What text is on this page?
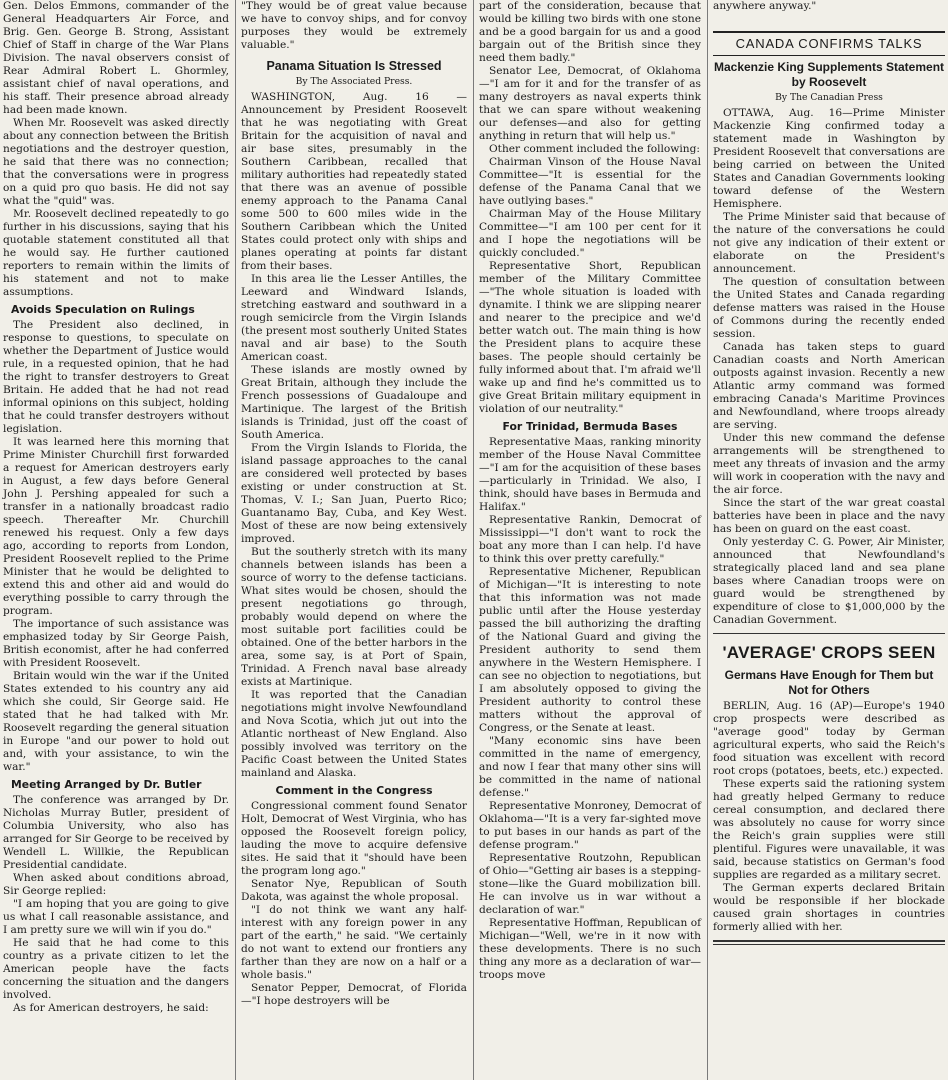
Gen. Delos Emmons, commander of the General Headquarters Air Force, and Brig. Gen. George B. Strong, Assistant Chief of Staff in charge of the War Plans Division. The naval observers consist of Rear Admiral Robert L. Ghormley, assistant chief of naval operations, and his staff. Their presence abroad already had been made known.

When Mr. Roosevelt was asked directly about any connection between the British negotiations and the destroyer question, he said that there was no connection; that the conversations were in progress on a quid pro quo basis. He did not say what the "quid" was.

Mr. Roosevelt declined repeatedly to go further in his discussions, saying that his quotable statement constituted all that he would say. He further cautioned reporters to remain within the limits of his statement and not to make assumptions.

Avoids Speculation on Rulings

The President also declined, in response to questions, to speculate on whether the Department of Justice would rule, in a requested opinion, that he had the right to transfer destroyers to Great Britain. He added that he had not read informal opinions on this subject, holding that he could transfer destroyers without legislation.

It was learned here this morning that Prime Minister Churchill first forwarded a request for American destroyers early in August, a few days before General John J. Pershing appealed for such a transfer in a nationally broadcast radio speech. Thereafter Mr. Churchill renewed his request. Only a few days ago, according to reports from London, President Roosevelt replied to the Prime Minister that he would be delighted to extend this and other aid and would do everything possible to carry through the program.

The importance of such assistance was emphasized today by Sir George Paish, British economist, after he had conferred with President Roosevelt.

Britain would win the war if the United States extended to his country any aid which she could, Sir George said. He stated that he had talked with Mr. Roosevelt regarding the general situation in Europe "and our power to hold out and, with your assistance, to win the war."

Meeting Arranged by Dr. Butler

The conference was arranged by Dr. Nicholas Murray Butler, president of Columbia University, who also has arranged for Sir George to be received by Wendell L. Willkie, the Republican Presidential candidate.

When asked about conditions abroad, Sir George replied:

"I am hoping that you are going to give us what I call reasonable assistance, and I am pretty sure we will win if you do."

He said that he had come to this country as a private citizen to let the American people have the facts concerning the situation and the dangers involved.

As for American destroyers, he said:

"They would be of great value because we have to convoy ships, and for convoy purposes they would be extremely valuable."

Panama Situation Is Stressed
By The Associated Press.

WASHINGTON, Aug. 16 — Announcement by President Roosevelt that he was negotiating with Great Britain for the acquisition of naval and air base sites, presumably in the Southern Caribbean, recalled that military authorities had repeatedly stated that there was an avenue of possible enemy approach to the Panama Canal some 500 to 600 miles wide in the Southern Caribbean which the United States could protect only with ships and planes operating at points far distant from their bases.

In this area lie the Lesser Antilles, the Leeward and Windward Islands, stretching eastward and southward in a rough semicircle from the Virgin Islands (the present most southerly United States naval and air base) to the South American coast.

These islands are mostly owned by Great Britain, although they include the French possessions of Guadaloupe and Martinique. The largest of the British islands is Trinidad, just off the coast of South America.

From the Virgin Islands to Florida, the island passage approaches to the canal are considered well protected by bases existing or under construction at St. Thomas, V. I.; San Juan, Puerto Rico; Guantanamo Bay, Cuba, and Key West. Most of these are now being extensively improved.

But the southerly stretch with its many channels between islands has been a source of worry to the defense tacticians. What sites would be chosen, should the present negotiations go through, probably would depend on where the most suitable port facilities could be obtained. One of the better harbors in the area, some say, is at Port of Spain, Trinidad. A French naval base already exists at Martinique.

It was reported that the Canadian negotiations might involve Newfoundland and Nova Scotia, which jut out into the Atlantic northeast of New England. Also possibly involved was territory on the Pacific Coast between the United States mainland and Alaska.

Comment in the Congress

Congressional comment found Senator Holt, Democrat of West Virginia, who has opposed the Roosevelt foreign policy, lauding the move to acquire defensive sites. He said that it "should have been the program long ago."

Senator Nye, Republican of South Dakota, was against the whole proposal.

"I do not think we want any half-interest with any foreign power in any part of the earth," he said. "We certainly do not want to extend our frontiers any farther than they are now on a half or a whole basis."

Senator Pepper, Democrat, of Florida—"I hope destroyers will be

part of the consideration, because that would be killing two birds with one stone and be a good bargain for us and a good bargain out of the British since they need them badly."

Senator Lee, Democrat, of Oklahoma—"I am for it and for the transfer of as many destroyers as naval experts think that we can spare without weakening our defenses—and also for getting anything in return that will help us."

Other comment included the following:

Chairman Vinson of the House Naval Committee—"It is essential for the defense of the Panama Canal that we have outlying bases."

Chairman May of the House Military Committee—"I am 100 per cent for it and I hope the negotiations will be quickly concluded."

Representative Short, Republican member of the Military Committee—"The whole situation is loaded with dynamite. I think we are slipping nearer and nearer to the precipice and we'd better watch out. The main thing is how the President plans to acquire these bases. The people should certainly be fully informed about that. I'm afraid we'll wake up and find he's committed us to give Great Britain military equipment in violation of our neutrality."

For Trinidad, Bermuda Bases

Representative Maas, ranking minority member of the House Naval Committee—"I am for the acquisition of these bases—particularly in Trinidad. We also, I think, should have bases in Bermuda and Halifax."

Representative Rankin, Democrat of Mississippi—"I don't want to rock the boat any more than I can help. I'd have to think this over pretty carefully."

Representative Michener, Republican of Michigan—"It is interesting to note that this information was not made public until after the House yesterday passed the bill authorizing the drafting of the National Guard and giving the President authority to send them anywhere in the Western Hemisphere. I can see no objection to negotiations, but I am absolutely opposed to giving the President authority to control these matters without the approval of Congress, or the Senate at least.

"Many economic sins have been committed in the name of emergency, and now I fear that many other sins will be committed in the name of national defense."

Representative Monroney, Democrat of Oklahoma—"It is a very far-sighted move to put bases in our hands as part of the defense program."

Representative Routzohn, Republican of Ohio—"Getting air bases is a stepping-stone—like the Guard mobilization bill. He can involve us in war without a declaration of war."

Representative Hoffman, Republican of Michigan—"Well, we're in it now with these developments. There is no such thing any more as a declaration of war—troops move

anywhere anyway."

CANADA CONFIRMS TALKS
Mackenzie King Supplements Statement by Roosevelt
By The Canadian Press

OTTAWA, Aug. 16—Prime Minister Mackenzie King confirmed today a statement made in Washington by President Roosevelt that conversations are being carried on between the United States and Canadian Governments looking toward defense of the Western Hemisphere.

The Prime Minister said that because of the nature of the conversations he could not give any indication of their extent or elaborate on the President's announcement.

The question of consultation between the United States and Canada regarding defense matters was raised in the House of Commons during the recently ended session.

Canada has taken steps to guard Canadian coasts and North American outposts against invasion. Recently a new Atlantic army command was formed embracing Canada's Maritime Provinces and Newfoundland, where troops already are serving.

Under this new command the defense arrangements will be strengthened to meet any threats of invasion and the army will work in cooperation with the navy and the air force.

Since the start of the war great coastal batteries have been in place and the navy has been on guard on the east coast.

Only yesterday C. G. Power, Air Minister, announced that Newfoundland's strategically placed land and sea plane bases where Canadian troops were on guard would be strengthened by expenditure of close to $1,000,000 by the Canadian Government.

'AVERAGE' CROPS SEEN
Germans Have Enough for Them but Not for Others

BERLIN, Aug. 16 (AP)—Europe's 1940 crop prospects were described as "average good" today by German agricultural experts, who said the Reich's food situation was excellent with record root crops (potatoes, beets, etc.) expected.

These experts said the rationing system had greatly helped Germany to reduce cereal consumption, and declared there was absolutely no cause for worry since the Reich's grain supplies were still plentiful. Figures were unavailable, it was said, because statistics on German's food supplies are regarded as a military secret.

The German experts declared Britain would be responsible if her blockade caused grain shortages in countries formerly allied with her.
